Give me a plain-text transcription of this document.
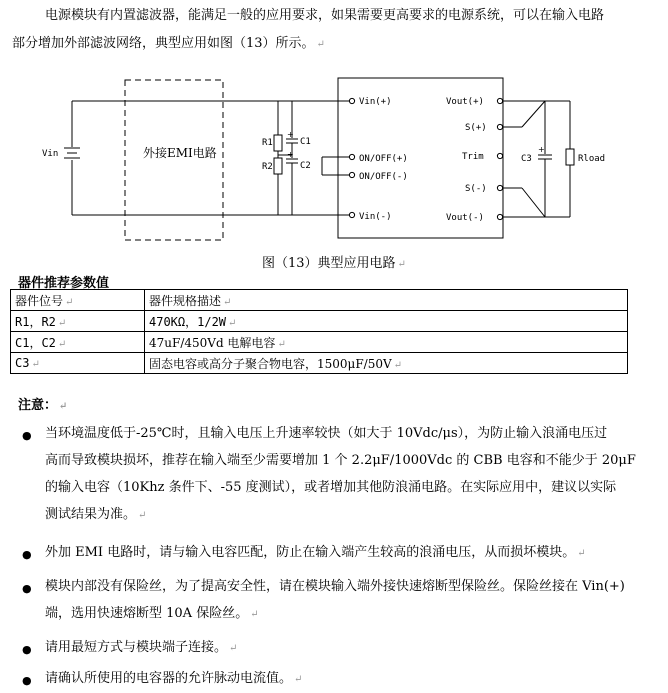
电源模块有内置滤波器，能满足一般的应用要求，如果需要更高要求的电源系统，可以在输入电路
部分增加外部滤波网络，典型应用如图（13）所示。 ↵
+
+
+
Vin	外接EMI电路
R1
R2
C1
C2
C3	Rload
Vin(+)
ON/OFF(+)
ON/OFF(-)
Vin(-)
Vout(+)
S(+)
Trim
S(-)
Vout(-)
图（13）典型应用电路 ↵
器件推荐参数值
器件位号 ↵	器件规格描述 ↵
R1，R2 ↵	470KΩ，1/2W ↵
C1，C2 ↵	47uF/450Vd 电解电容 ↵
C3 ↵	固态电容或高分子聚合物电容，1500μF/50V ↵
注意： ↵
● 当环境温度低于-25℃时，且输入电压上升速率较快（如大于 10Vdc/μs），为防止输入浪涌电压过
高而导致模块损坏，推荐在输入端至少需要增加 1 个 2.2μF/1000Vdc 的 CBB 电容和不能少于 20μF
的输入电容（10Khz 条件下、-55 度测试），或者增加其他防浪涌电路。在实际应用中，建议以实际
测试结果为准。 ↵
● 外加 EMI 电路时，请与输入电容匹配，防止在输入端产生较高的浪涌电压，从而损坏模块。 ↵
● 模块内部没有保险丝，为了提高安全性，请在模块输入端外接快速熔断型保险丝。保险丝接在 Vin(+)
端，选用快速熔断型 10A 保险丝。 ↵
● 请用最短方式与模块端子连接。 ↵
● 请确认所使用的电容器的允许脉动电流值。 ↵
